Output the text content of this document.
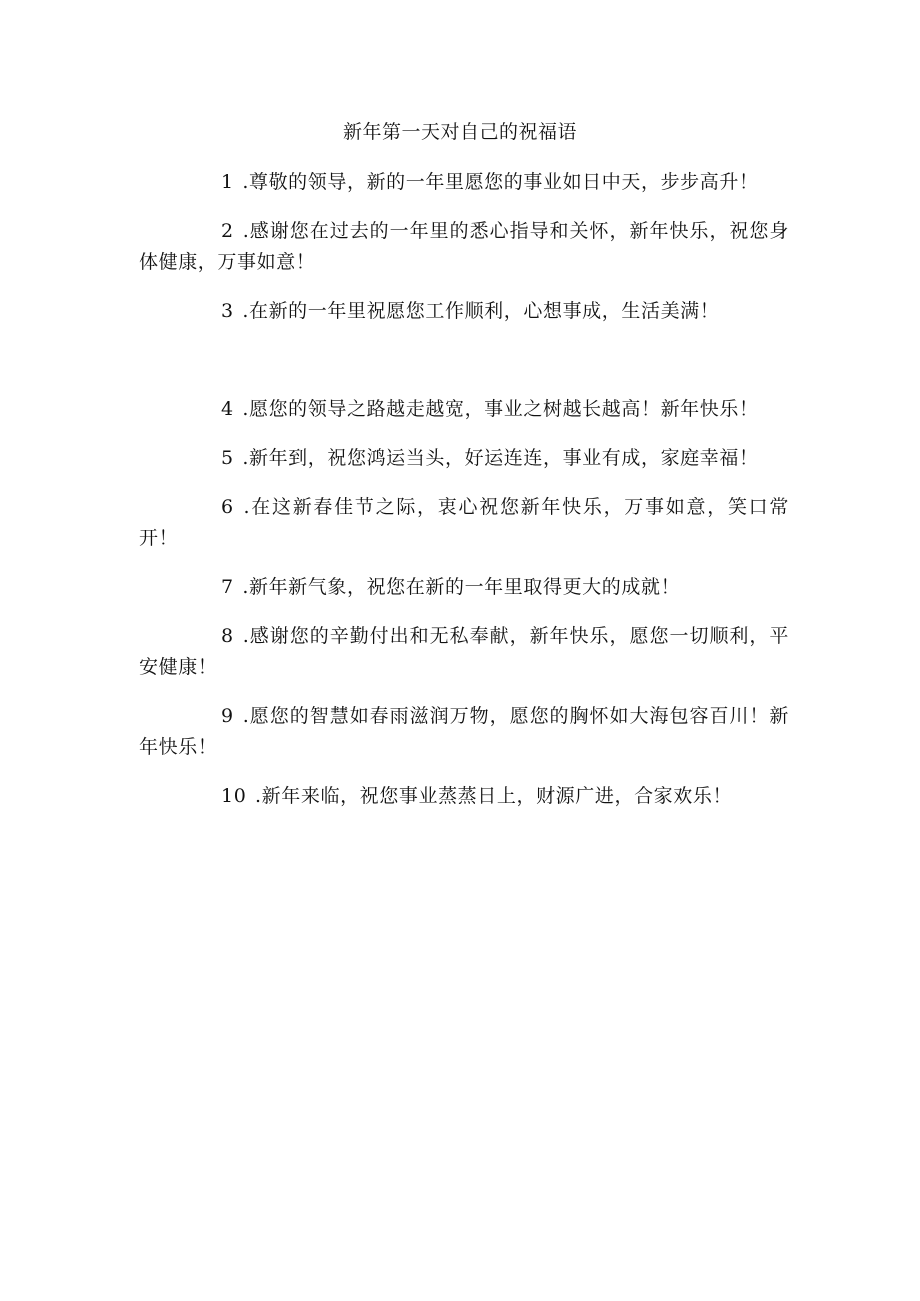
新年第一天对自己的祝福语

1 .尊敬的领导，新的一年里愿您的事业如日中天，步步高升！

2 .感谢您在过去的一年里的悉心指导和关怀，新年快乐，祝您身体健康，万事如意！

3 .在新的一年里祝愿您工作顺利，心想事成，生活美满！

4 .愿您的领导之路越走越宽，事业之树越长越高！新年快乐！

5 .新年到，祝您鸿运当头，好运连连，事业有成，家庭幸福！

6 .在这新春佳节之际，衷心祝您新年快乐，万事如意，笑口常开！

7 .新年新气象，祝您在新的一年里取得更大的成就！

8 .感谢您的辛勤付出和无私奉献，新年快乐，愿您一切顺利，平安健康！

9 .愿您的智慧如春雨滋润万物，愿您的胸怀如大海包容百川！新年快乐！

10 .新年来临，祝您事业蒸蒸日上，财源广进，合家欢乐！
